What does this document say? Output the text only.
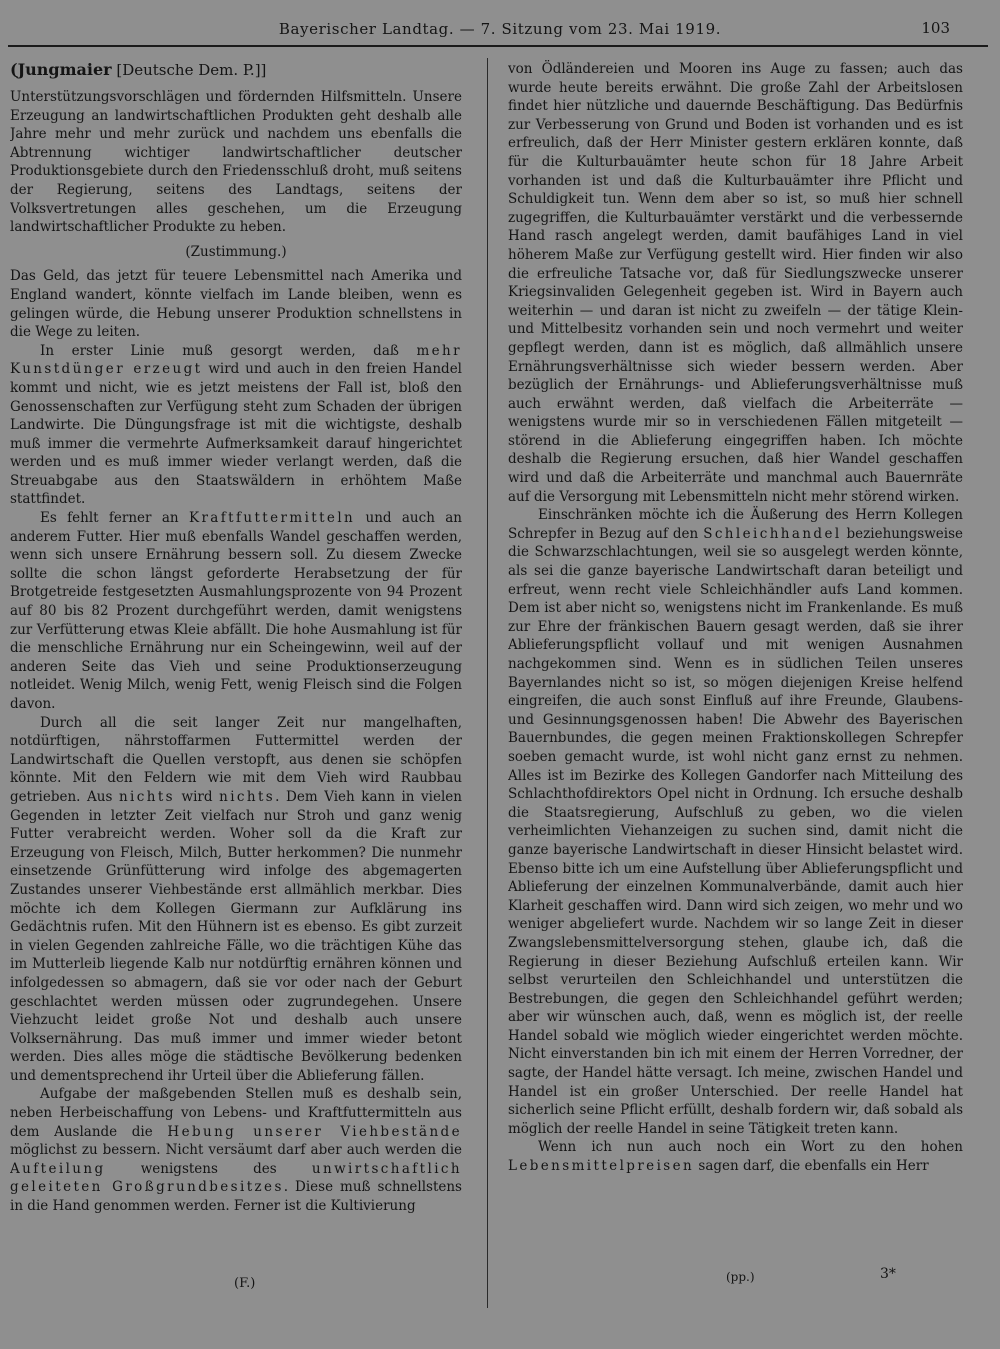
Bayerischer Landtag. — 7. Sitzung vom 23. Mai 1919.	103

(Jungmaier [Deutsche Dem. P.]]

Unterstützungsvorschlägen und fördernden Hilfsmitteln. Unsere Erzeugung an landwirtschaftlichen Produkten geht deshalb alle Jahre mehr und mehr zurück und nachdem uns ebenfalls die Abtrennung wichtiger landwirtschaftlicher deutscher Produktionsgebiete durch den Friedensschluß droht, muß seitens der Regierung, seitens des Landtags, seitens der Volksvertretungen alles geschehen, um die Erzeugung landwirtschaftlicher Produkte zu heben.

(Zustimmung.)

Das Geld, das jetzt für teuere Lebensmittel nach Amerika und England wandert, könnte vielfach im Lande bleiben, wenn es gelingen würde, die Hebung unserer Produktion schnellstens in die Wege zu leiten.

In erster Linie muß gesorgt werden, daß mehr Kunstdünger erzeugt wird und auch in den freien Handel kommt und nicht, wie es jetzt meistens der Fall ist, bloß den Genossenschaften zur Verfügung steht zum Schaden der übrigen Landwirte. Die Düngungsfrage ist mit die wichtigste, deshalb muß immer die vermehrte Aufmerksamkeit darauf hingerichtet werden und es muß immer wieder verlangt werden, daß die Streuabgabe aus den Staatswäldern in erhöhtem Maße stattfindet.

Es fehlt ferner an Kraftfuttermitteln und auch an anderem Futter. Hier muß ebenfalls Wandel geschaffen werden, wenn sich unsere Ernährung bessern soll. Zu diesem Zwecke sollte die schon längst geforderte Herabsetzung der für Brotgetreide festgesetzten Ausmahlungsprozente von 94 Prozent auf 80 bis 82 Prozent durchgeführt werden, damit wenigstens zur Verfütterung etwas Kleie abfällt. Die hohe Ausmahlung ist für die menschliche Ernährung nur ein Scheingewinn, weil auf der anderen Seite das Vieh und seine Produktionserzeugung notleidet. Wenig Milch, wenig Fett, wenig Fleisch sind die Folgen davon.

Durch all die seit langer Zeit nur mangelhaften, notdürftigen, nährstoffarmen Futtermittel werden der Landwirtschaft die Quellen verstopft, aus denen sie schöpfen könnte. Mit den Feldern wie mit dem Vieh wird Raubbau getrieben. Aus nichts wird nichts. Dem Vieh kann in vielen Gegenden in letzter Zeit vielfach nur Stroh und ganz wenig Futter verabreicht werden. Woher soll da die Kraft zur Erzeugung von Fleisch, Milch, Butter herkommen? Die nunmehr einsetzende Grünfütterung wird infolge des abgemagerten Zustandes unserer Viehbestände erst allmählich merkbar. Dies möchte ich dem Kollegen Giermann zur Aufklärung ins Gedächtnis rufen. Mit den Hühnern ist es ebenso. Es gibt zurzeit in vielen Gegenden zahlreiche Fälle, wo die trächtigen Kühe das im Mutterleib liegende Kalb nur notdürftig ernähren können und infolgedessen so abmagern, daß sie vor oder nach der Geburt geschlachtet werden müssen oder zugrundegehen. Unsere Viehzucht leidet große Not und deshalb auch unsere Volksernährung. Das muß immer und immer wieder betont werden. Dies alles möge die städtische Bevölkerung bedenken und dementsprechend ihr Urteil über die Ablieferung fällen.

Aufgabe der maßgebenden Stellen muß es deshalb sein, neben Herbeischaffung von Lebens- und Kraftfuttermitteln aus dem Auslande die Hebung unserer Viehbestände möglichst zu bessern. Nicht versäumt darf aber auch werden die Aufteilung wenigstens des unwirtschaftlich geleiteten Großgrundbesitzes. Diese muß schnellstens in die Hand genommen werden. Ferner ist die Kultivierung

von Ödländereien und Mooren ins Auge zu fassen; auch das wurde heute bereits erwähnt. Die große Zahl der Arbeitslosen findet hier nützliche und dauernde Beschäftigung. Das Bedürfnis zur Verbesserung von Grund und Boden ist vorhanden und es ist erfreulich, daß der Herr Minister gestern erklären konnte, daß für die Kulturbauämter heute schon für 18 Jahre Arbeit vorhanden ist und daß die Kulturbauämter ihre Pflicht und Schuldigkeit tun. Wenn dem aber so ist, so muß hier schnell zugegriffen, die Kulturbauämter verstärkt und die verbessernde Hand rasch angelegt werden, damit baufähiges Land in viel höherem Maße zur Verfügung gestellt wird. Hier finden wir also die erfreuliche Tatsache vor, daß für Siedlungszwecke unserer Kriegsinvaliden Gelegenheit gegeben ist. Wird in Bayern auch weiterhin — und daran ist nicht zu zweifeln — der tätige Klein- und Mittelbesitz vorhanden sein und noch vermehrt und weiter gepflegt werden, dann ist es möglich, daß allmählich unsere Ernährungsverhältnisse sich wieder bessern werden. Aber bezüglich der Ernährungs- und Ablieferungsverhältnisse muß auch erwähnt werden, daß vielfach die Arbeiterräte — wenigstens wurde mir so in verschiedenen Fällen mitgeteilt — störend in die Ablieferung eingegriffen haben. Ich möchte deshalb die Regierung ersuchen, daß hier Wandel geschaffen wird und daß die Arbeiterräte und manchmal auch Bauernräte auf die Versorgung mit Lebensmitteln nicht mehr störend wirken.

Einschränken möchte ich die Äußerung des Herrn Kollegen Schrepfer in Bezug auf den Schleichhandel beziehungsweise die Schwarzschlachtungen, weil sie so ausgelegt werden könnte, als sei die ganze bayerische Landwirtschaft daran beteiligt und erfreut, wenn recht viele Schleichhändler aufs Land kommen. Dem ist aber nicht so, wenigstens nicht im Frankenlande. Es muß zur Ehre der fränkischen Bauern gesagt werden, daß sie ihrer Ablieferungspflicht vollauf und mit wenigen Ausnahmen nachgekommen sind. Wenn es in südlichen Teilen unseres Bayernlandes nicht so ist, so mögen diejenigen Kreise helfend eingreifen, die auch sonst Einfluß auf ihre Freunde, Glaubens- und Gesinnungsgenossen haben! Die Abwehr des Bayerischen Bauernbundes, die gegen meinen Fraktionskollegen Schrepfer soeben gemacht wurde, ist wohl nicht ganz ernst zu nehmen. Alles ist im Bezirke des Kollegen Gandorfer nach Mitteilung des Schlachthofdirektors Opel nicht in Ordnung. Ich ersuche deshalb die Staatsregierung, Aufschluß zu geben, wo die vielen verheimlichten Viehanzeigen zu suchen sind, damit nicht die ganze bayerische Landwirtschaft in dieser Hinsicht belastet wird. Ebenso bitte ich um eine Aufstellung über Ablieferungspflicht und Ablieferung der einzelnen Kommunalverbände, damit auch hier Klarheit geschaffen wird. Dann wird sich zeigen, wo mehr und wo weniger abgeliefert wurde. Nachdem wir so lange Zeit in dieser Zwangslebensmittelversorgung stehen, glaube ich, daß die Regierung in dieser Beziehung Aufschluß erteilen kann. Wir selbst verurteilen den Schleichhandel und unterstützen die Bestrebungen, die gegen den Schleichhandel geführt werden; aber wir wünschen auch, daß, wenn es möglich ist, der reelle Handel sobald wie möglich wieder eingerichtet werden möchte. Nicht einverstanden bin ich mit einem der Herren Vorredner, der sagte, der Handel hätte versagt. Ich meine, zwischen Handel und Handel ist ein großer Unterschied. Der reelle Handel hat sicherlich seine Pflicht erfüllt, deshalb fordern wir, daß sobald als möglich der reelle Handel in seine Tätigkeit treten kann.

Wenn ich nun auch noch ein Wort zu den hohen Lebensmittelpreisen sagen darf, die ebenfalls ein Herr

(F.)	(pp.)	3*
